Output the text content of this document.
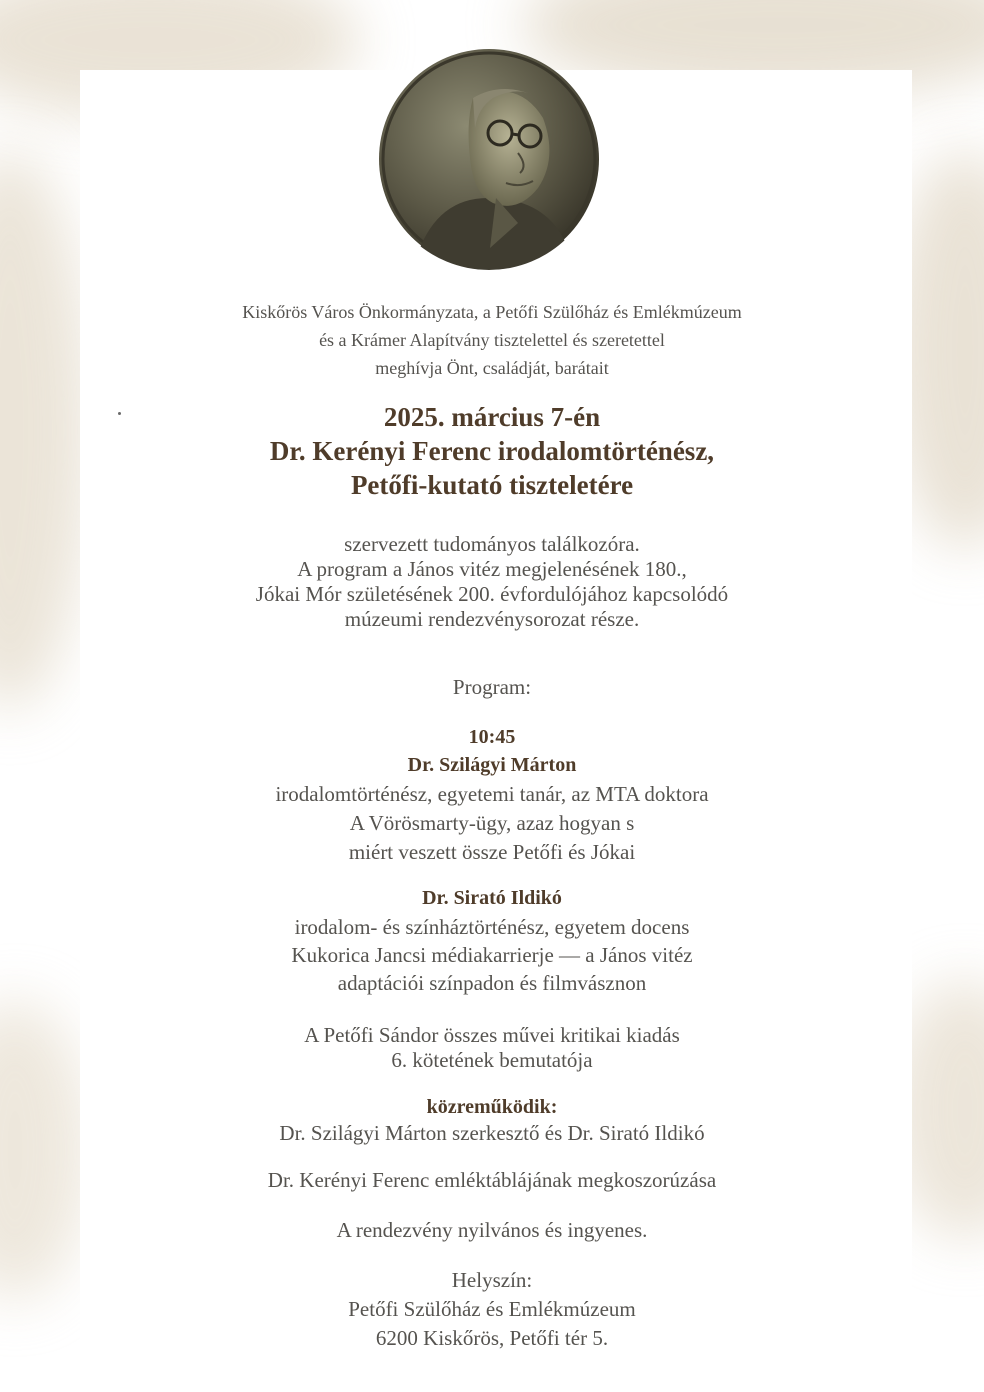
Kiskőrös Város Önkormányzata, a Petőfi Szülőház és Emlékmúzeum
és a Krámer Alapítvány tisztelettel és szeretettel
meghívja Önt, családját, barátait
2025. március 7-én
Dr. Kerényi Ferenc irodalomtörténész,
Petőfi-kutató tiszteletére
szervezett tudományos találkozóra.
A program a János vitéz megjelenésének 180.,
Jókai Mór születésének 200. évfordulójához kapcsolódó
múzeumi rendezvénysorozat része.
Program:
10:45
Dr. Szilágyi Márton
irodalomtörténész, egyetemi tanár, az MTA doktora
A Vörösmarty-ügy, azaz hogyan s
miért veszett össze Petőfi és Jókai
Dr. Sirató Ildikó
irodalom- és színháztörténész, egyetem docens
Kukorica Jancsi médiakarrierje — a János vitéz
adaptációi színpadon és filmvásznon
A Petőfi Sándor összes művei kritikai kiadás
6. kötetének bemutatója
közreműködik:
Dr. Szilágyi Márton szerkesztő és Dr. Sirató Ildikó
Dr. Kerényi Ferenc emléktáblájának megkoszorúzása
A rendezvény nyilvános és ingyenes.
Helyszín:
Petőfi Szülőház és Emlékmúzeum
6200 Kiskőrös, Petőfi tér 5.
